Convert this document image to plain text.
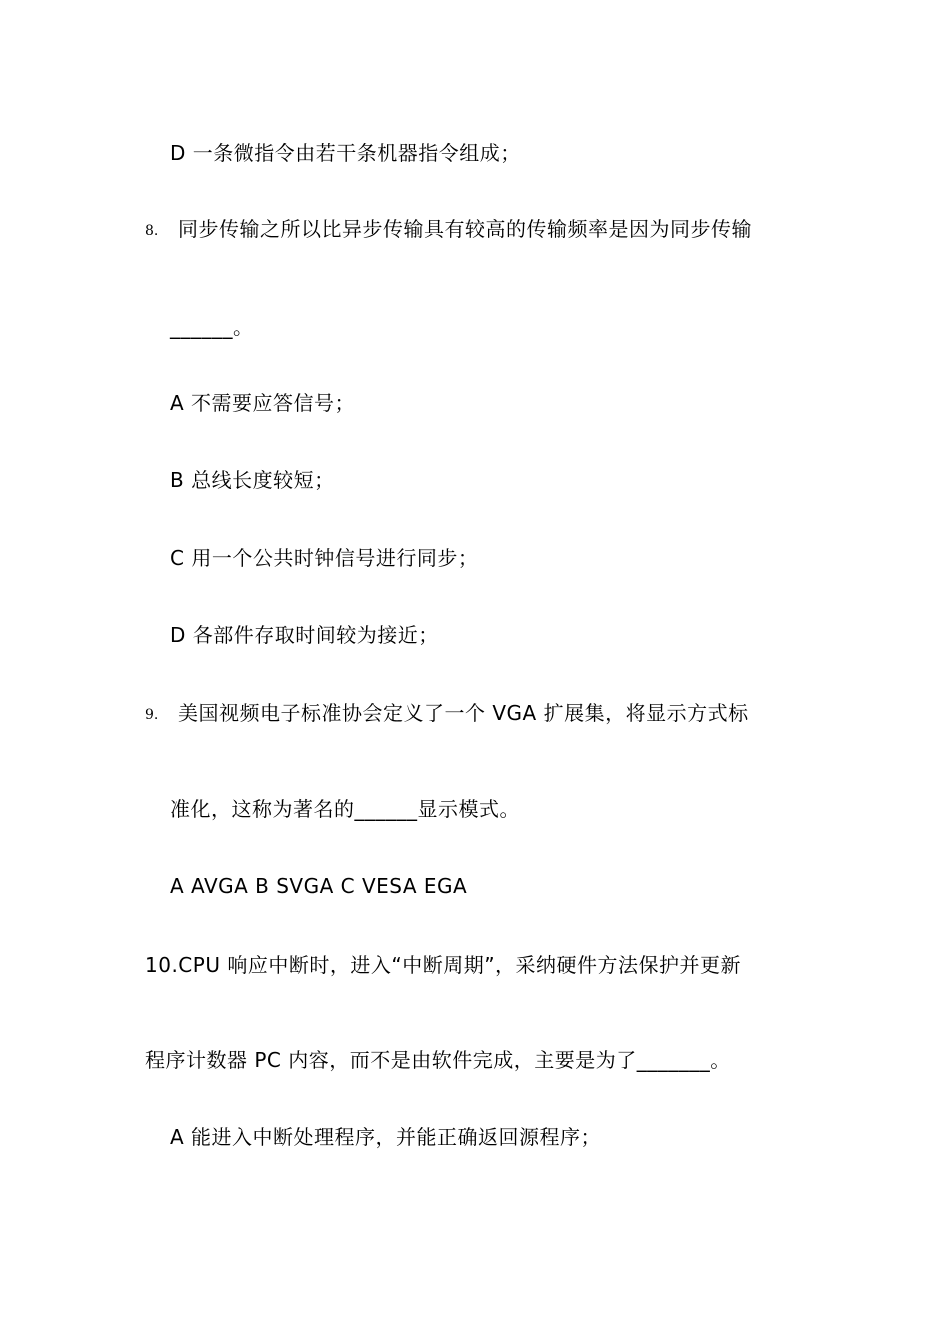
D 一条微指令由若干条机器指令组成；
8. 同步传输之所以比异步传输具有较高的传输频率是因为同步传输
______。
A 不需要应答信号；
B 总线长度较短；
C 用一个公共时钟信号进行同步；
D 各部件存取时间较为接近；
9. 美国视频电子标准协会定义了一个 VGA 扩展集，将显示方式标
准化，这称为著名的______显示模式。
A AVGA B SVGA C VESA EGA
10.CPU 响应中断时，进入“中断周期”，采纳硬件方法保护并更新
程序计数器 PC 内容，而不是由软件完成，主要是为了_______。
A 能进入中断处理程序，并能正确返回源程序；
